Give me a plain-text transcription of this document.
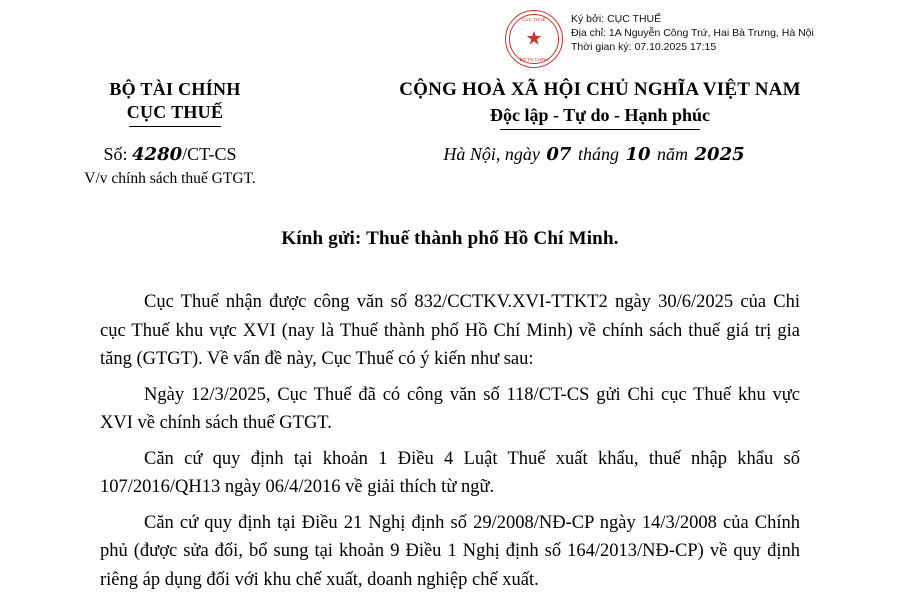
CỤC THUẾ
★
BỘ TÀI CHÍNH
Ký bởi: CỤC THUẾ
Địa chỉ: 1A Nguyễn Công Trứ, Hai Bà Trưng, Hà Nội
Thời gian ký: 07.10.2025 17:15
BỘ TÀI CHÍNH
CỤC THUẾ
CỘNG HOÀ XÃ HỘI CHỦ NGHĨA VIỆT NAM
Độc lập - Tự do - Hạnh phúc
Số: 4280/CT-CS
V/v chính sách thuế GTGT.
Hà Nội, ngày 07 tháng 10 năm 2025
Kính gửi: Thuế thành phố Hồ Chí Minh.

Cục Thuế nhận được công văn số 832/CCTKV.XVI-TTKT2 ngày 30/6/2025 của Chi cục Thuế khu vực XVI (nay là Thuế thành phố Hồ Chí Minh) về chính sách thuế giá trị gia tăng (GTGT). Về vấn đề này, Cục Thuế có ý kiến như sau:

Ngày 12/3/2025, Cục Thuế đã có công văn số 118/CT-CS gửi Chi cục Thuế khu vực XVI về chính sách thuế GTGT.

Căn cứ quy định tại khoản 1 Điều 4 Luật Thuế xuất khẩu, thuế nhập khẩu số 107/2016/QH13 ngày 06/4/2016 về giải thích từ ngữ.

Căn cứ quy định tại Điều 21 Nghị định số 29/2008/NĐ-CP ngày 14/3/2008 của Chính phủ (được sửa đổi, bổ sung tại khoản 9 Điều 1 Nghị định số 164/2013/NĐ-CP) về quy định riêng áp dụng đối với khu chế xuất, doanh nghiệp chế xuất.
